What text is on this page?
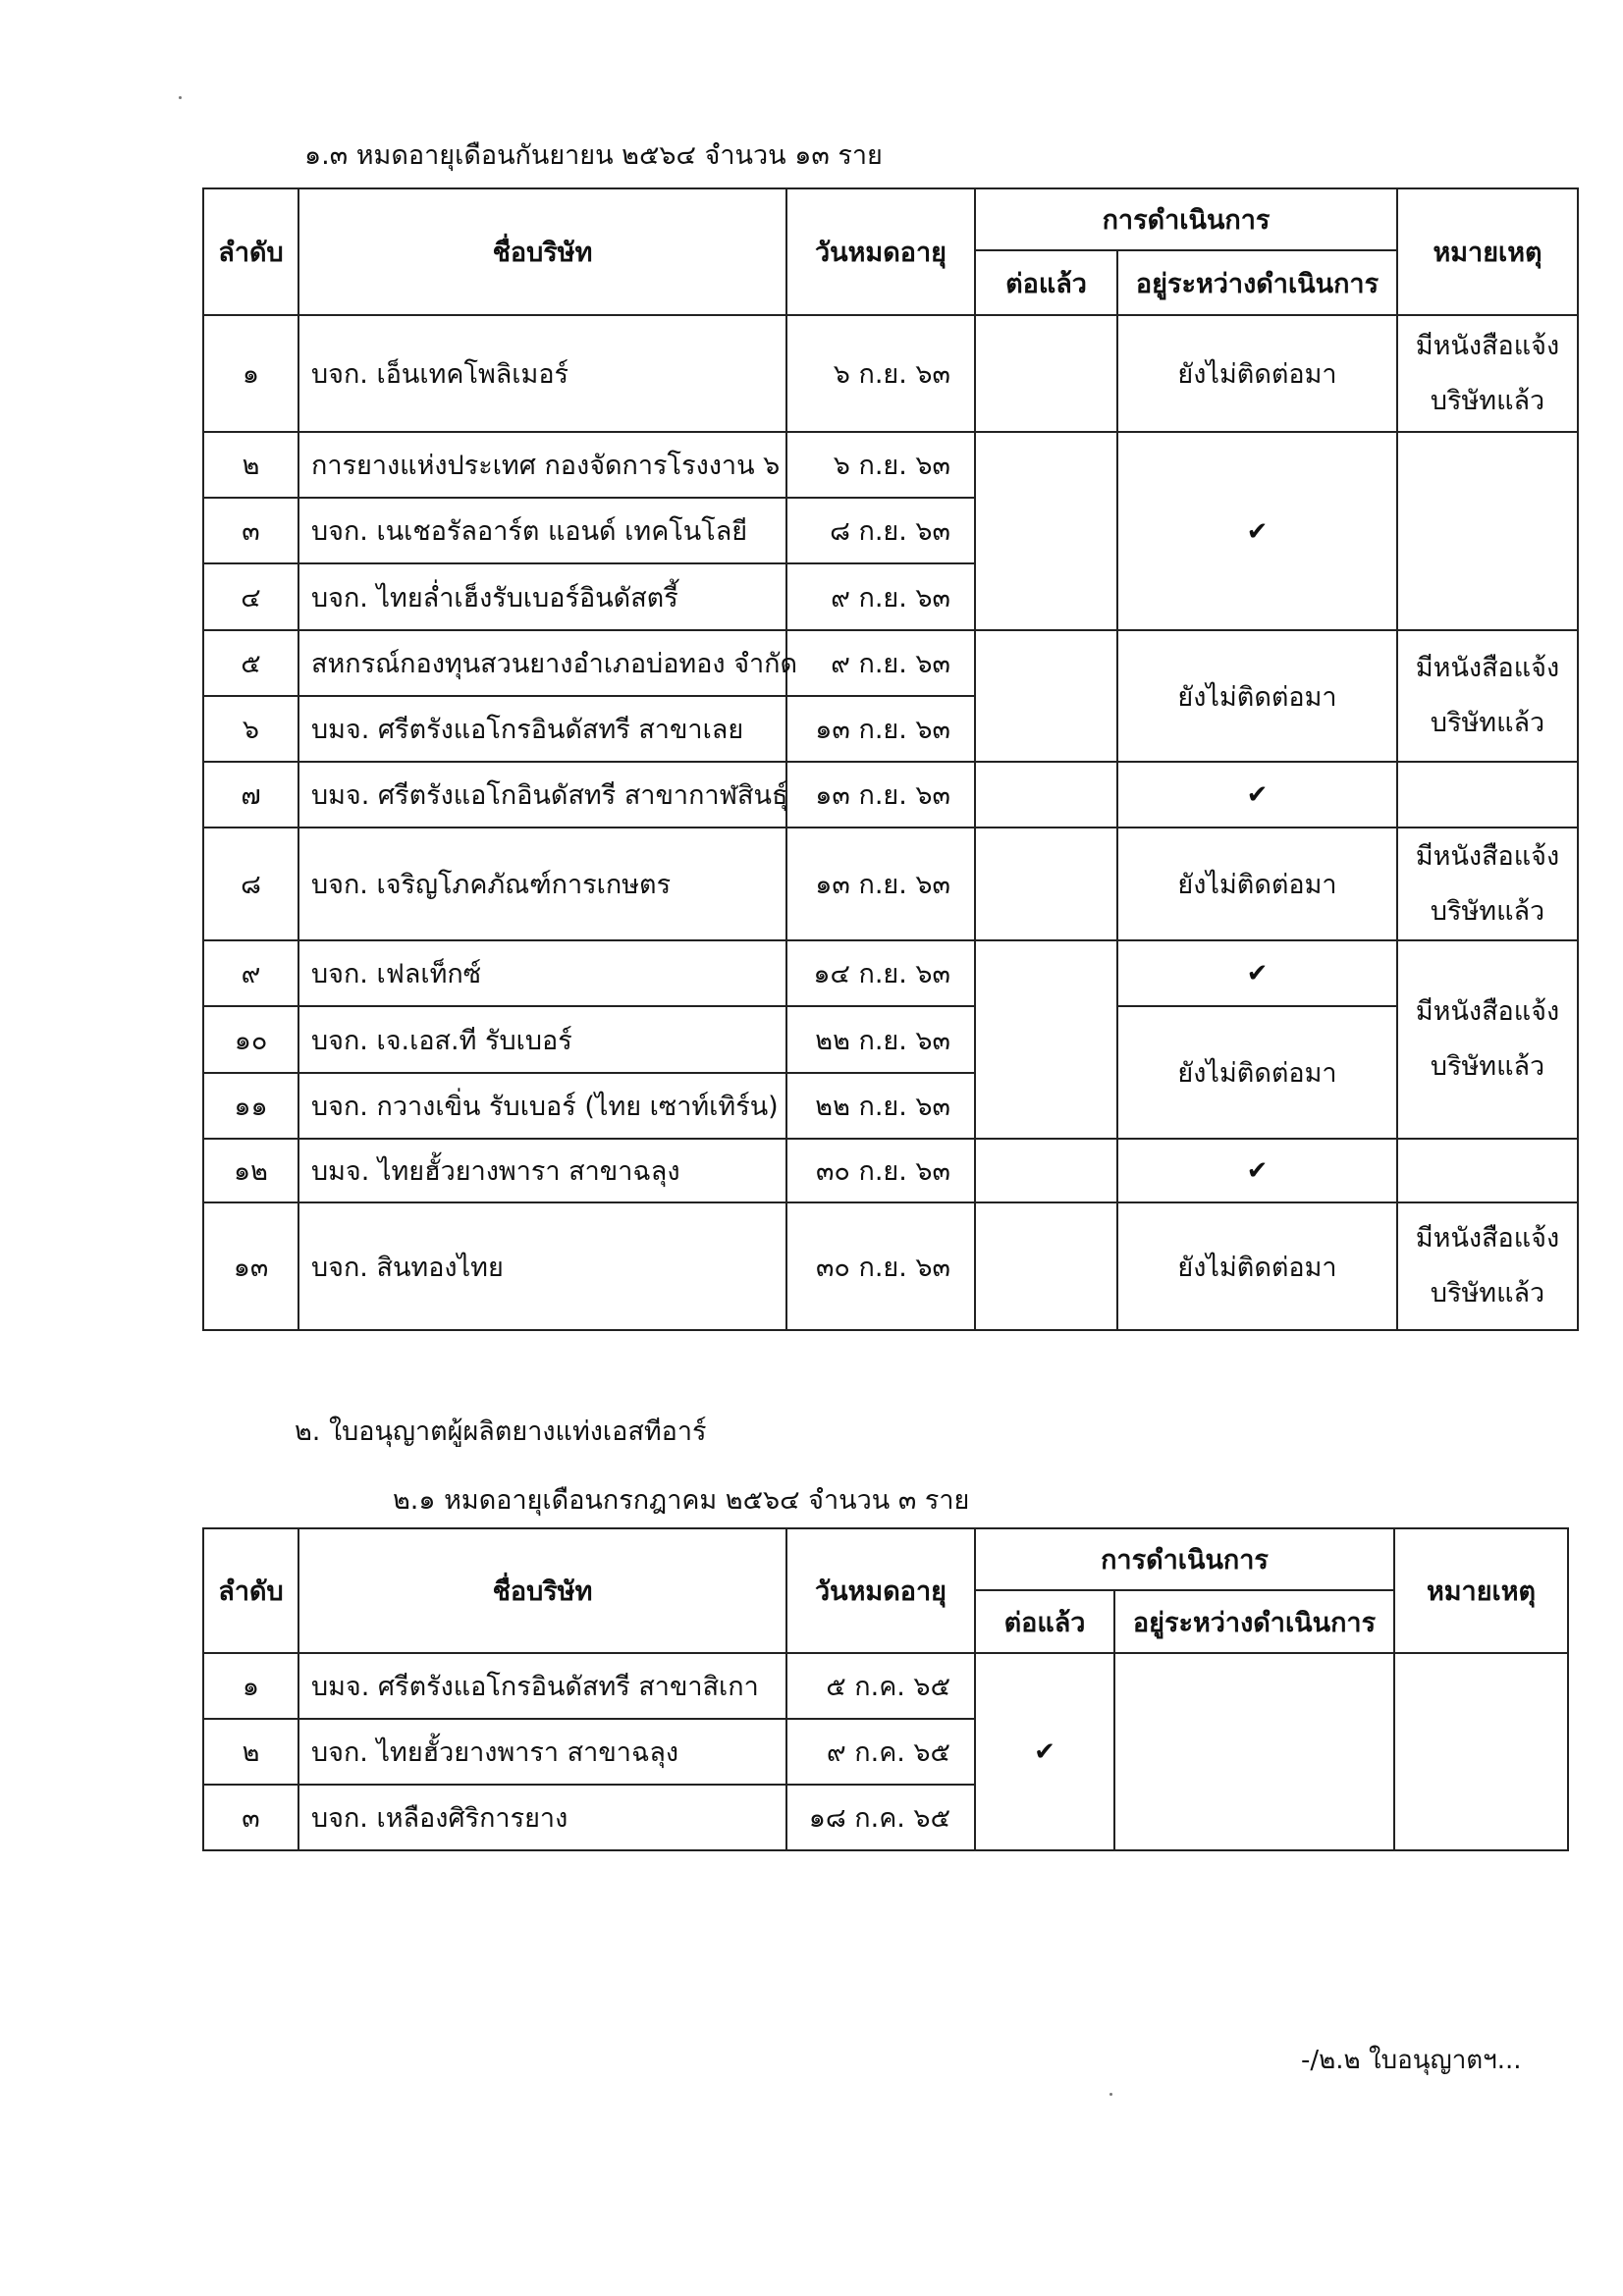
๑.๓ หมดอายุเดือนกันยายน ๒๕๖๔ จำนวน ๑๓ ราย
ลำดับ	ชื่อบริษัท	วันหมดอายุ	การดำเนินการ		หมายเหตุ
			ต่อแล้ว	อยู่ระหว่างดำเนินการ	
๑	บจก. เอ็นเทคโพลิเมอร์	๖ ก.ย. ๖๓		ยังไม่ติดต่อมา	มีหนังสือแจ้ง
บริษัทแล้ว
๒	การยางแห่งประเทศ กองจัดการโรงงาน ๖	๖ ก.ย. ๖๓		✔	
๓	บจก. เนเชอรัลอาร์ต แอนด์ เทคโนโลยี	๘ ก.ย. ๖๓			
๔	บจก. ไทยล่ำเฮ็งรับเบอร์อินดัสตรี้	๙ ก.ย. ๖๓			
๕	สหกรณ์กองทุนสวนยางอำเภอบ่อทอง จำกัด	๙ ก.ย. ๖๓		ยังไม่ติดต่อมา	มีหนังสือแจ้ง
บริษัทแล้ว
๖	บมจ. ศรีตรังแอโกรอินดัสทรี สาขาเลย	๑๓ ก.ย. ๖๓			
๗	บมจ. ศรีตรังแอโกอินดัสทรี สาขากาฬสินธุ์	๑๓ ก.ย. ๖๓		✔	
๘	บจก. เจริญโภคภัณฑ์การเกษตร	๑๓ ก.ย. ๖๓		ยังไม่ติดต่อมา	มีหนังสือแจ้ง
บริษัทแล้ว
๙	บจก. เฟลเท็กซ์	๑๔ ก.ย. ๖๓		✔	มีหนังสือแจ้ง
บริษัทแล้ว
๑๐	บจก. เจ.เอส.ที รับเบอร์	๒๒ ก.ย. ๖๓		ยังไม่ติดต่อมา	
๑๑	บจก. กวางเขิ่น รับเบอร์ (ไทย เซาท์เทิร์น)	๒๒ ก.ย. ๖๓			
๑๒	บมจ. ไทยฮั้วยางพารา สาขาฉลุง	๓๐ ก.ย. ๖๓		✔	
๑๓	บจก. สินทองไทย	๓๐ ก.ย. ๖๓		ยังไม่ติดต่อมา	มีหนังสือแจ้ง
บริษัทแล้ว
๒. ใบอนุญาตผู้ผลิตยางแท่งเอสทีอาร์
๒.๑ หมดอายุเดือนกรกฎาคม ๒๕๖๔ จำนวน ๓ ราย
ลำดับ	ชื่อบริษัท	วันหมดอายุ	การดำเนินการ		หมายเหตุ
			ต่อแล้ว	อยู่ระหว่างดำเนินการ	
๑	บมจ. ศรีตรังแอโกรอินดัสทรี สาขาสิเกา	๕ ก.ค. ๖๕	✔		
๒	บจก. ไทยฮั้วยางพารา สาขาฉลุง	๙ ก.ค. ๖๕			
๓	บจก. เหลืองศิริการยาง	๑๘ ก.ค. ๖๕			
-/๒.๒ ใบอนุญาตฯ...
